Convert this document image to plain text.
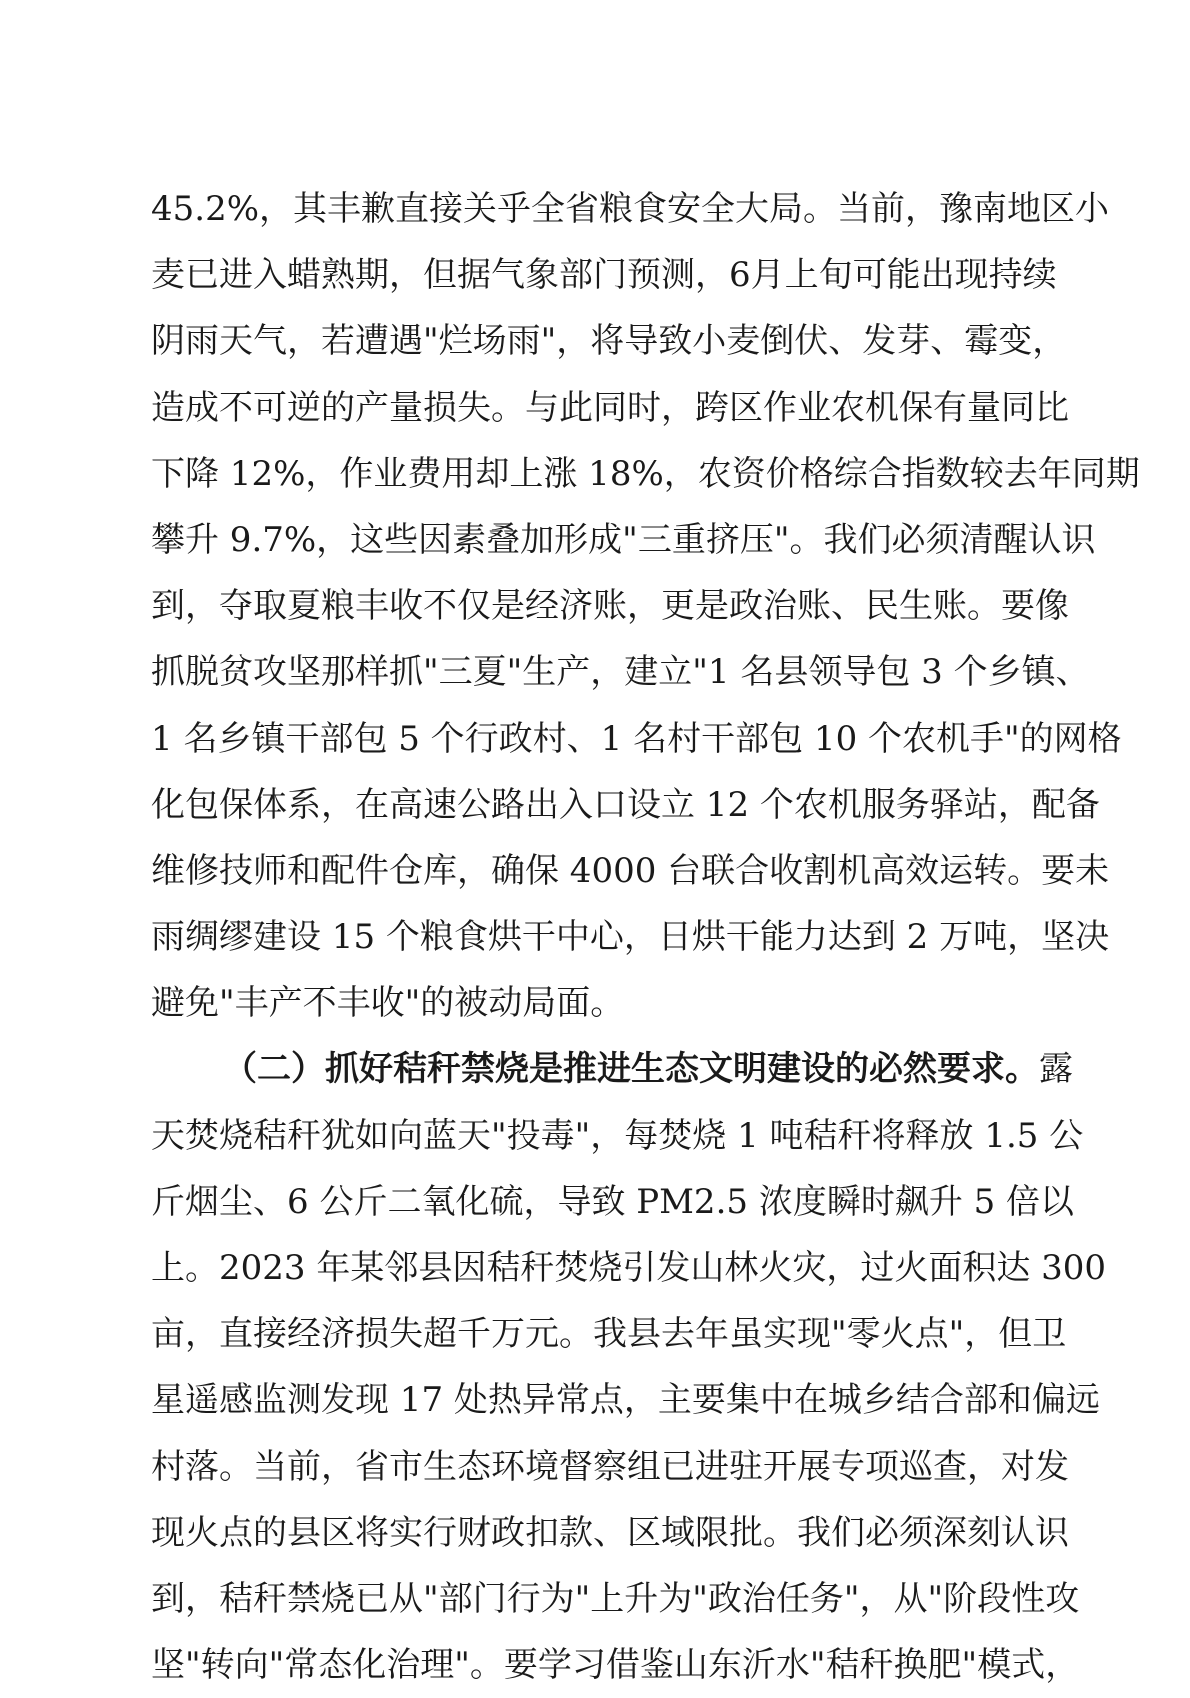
45.2%，其丰歉直接关乎全省粮食安全大局。当前，豫南地区小
麦已进入蜡熟期，但据气象部门预测，6月上旬可能出现持续
阴雨天气，若遭遇"烂场雨"，将导致小麦倒伏、发芽、霉变，
造成不可逆的产量损失。与此同时，跨区作业农机保有量同比
下降 12%，作业费用却上涨 18%，农资价格综合指数较去年同期
攀升 9.7%，这些因素叠加形成"三重挤压"。我们必须清醒认识
到，夺取夏粮丰收不仅是经济账，更是政治账、民生账。要像
抓脱贫攻坚那样抓"三夏"生产，建立"1 名县领导包 3 个乡镇、
1 名乡镇干部包 5 个行政村、1 名村干部包 10 个农机手"的网格
化包保体系，在高速公路出入口设立 12 个农机服务驿站，配备
维修技师和配件仓库，确保 4000 台联合收割机高效运转。要未
雨绸缪建设 15 个粮食烘干中心，日烘干能力达到 2 万吨，坚决
避免"丰产不丰收"的被动局面。
（二）抓好秸秆禁烧是推进生态文明建设的必然要求。露
天焚烧秸秆犹如向蓝天"投毒"，每焚烧 1 吨秸秆将释放 1.5 公
斤烟尘、6 公斤二氧化硫，导致 PM2.5 浓度瞬时飙升 5 倍以
上。2023 年某邻县因秸秆焚烧引发山林火灾，过火面积达 300
亩，直接经济损失超千万元。我县去年虽实现"零火点"，但卫
星遥感监测发现 17 处热异常点，主要集中在城乡结合部和偏远
村落。当前，省市生态环境督察组已进驻开展专项巡查，对发
现火点的县区将实行财政扣款、区域限批。我们必须深刻认识
到，秸秆禁烧已从"部门行为"上升为"政治任务"，从"阶段性攻
坚"转向"常态化治理"。要学习借鉴山东沂水"秸秆换肥"模式，
